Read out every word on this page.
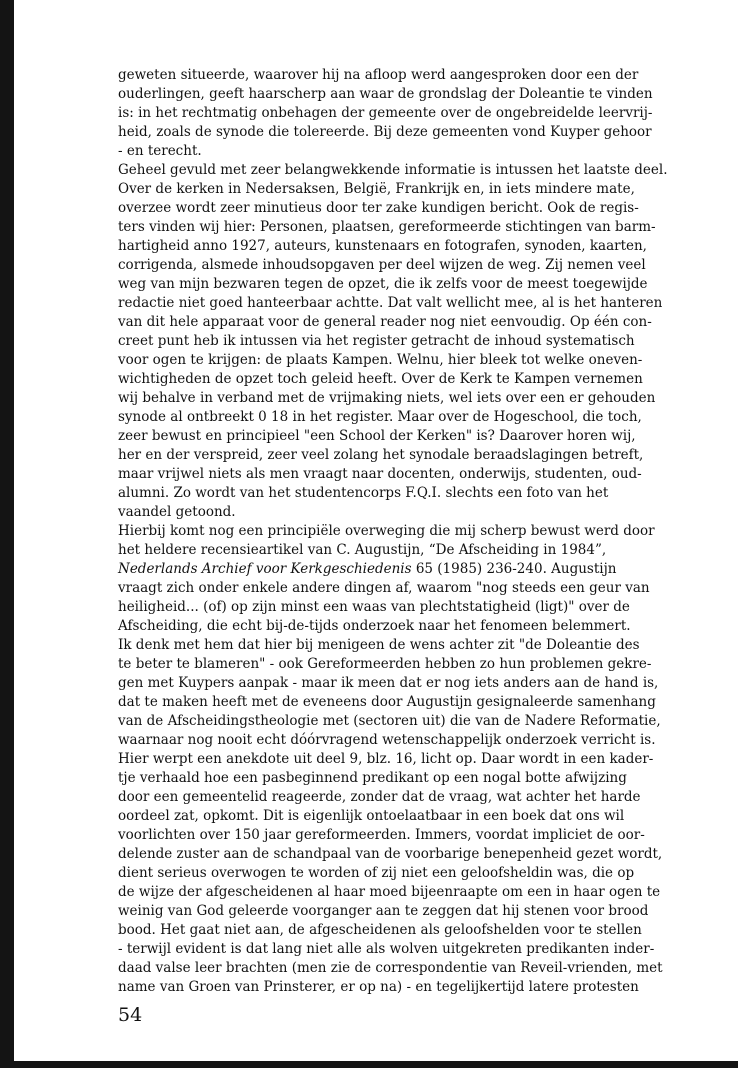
geweten situeerde, waarover hij na afloop werd aangesproken door een der
ouderlingen, geeft haarscherp aan waar de grondslag der Doleantie te vinden
is: in het rechtmatig onbehagen der gemeente over de ongebreidelde leervrij-
heid, zoals de synode die tolereerde. Bij deze gemeenten vond Kuyper gehoor
- en terecht.
Geheel gevuld met zeer belangwekkende informatie is intussen het laatste deel.
Over de kerken in Nedersaksen, België, Frankrijk en, in iets mindere mate,
overzee wordt zeer minutieus door ter zake kundigen bericht. Ook de regis-
ters vinden wij hier: Personen, plaatsen, gereformeerde stichtingen van barm-
hartigheid anno 1927, auteurs, kunstenaars en fotografen, synoden, kaarten,
corrigenda, alsmede inhoudsopgaven per deel wijzen de weg. Zij nemen veel
weg van mijn bezwaren tegen de opzet, die ik zelfs voor de meest toegewijde
redactie niet goed hanteerbaar achtte. Dat valt wellicht mee, al is het hanteren
van dit hele apparaat voor de general reader nog niet eenvoudig. Op één con-
creet punt heb ik intussen via het register getracht de inhoud systematisch
voor ogen te krijgen: de plaats Kampen. Welnu, hier bleek tot welke oneven-
wichtigheden de opzet toch geleid heeft. Over de Kerk te Kampen vernemen
wij behalve in verband met de vrijmaking niets, wel iets over een er gehouden
synode al ontbreekt 0 18 in het register. Maar over de Hogeschool, die toch,
zeer bewust en principieel "een School der Kerken" is? Daarover horen wij,
her en der verspreid, zeer veel zolang het synodale beraadslagingen betreft,
maar vrijwel niets als men vraagt naar docenten, onderwijs, studenten, oud-
alumni. Zo wordt van het studentencorps F.Q.I. slechts een foto van het
vaandel getoond.
Hierbij komt nog een principiële overweging die mij scherp bewust werd door
het heldere recensieartikel van C. Augustijn, “De Afscheiding in 1984”,
Nederlands Archief voor Kerkgeschiedenis 65 (1985) 236-240. Augustijn
vraagt zich onder enkele andere dingen af, waarom "nog steeds een geur van
heiligheid... (of) op zijn minst een waas van plechtstatigheid (ligt)" over de
Afscheiding, die echt bij-de-tijds onderzoek naar het fenomeen belemmert.
Ik denk met hem dat hier bij menigeen de wens achter zit "de Doleantie des
te beter te blameren" - ook Gereformeerden hebben zo hun problemen gekre-
gen met Kuypers aanpak - maar ik meen dat er nog iets anders aan de hand is,
dat te maken heeft met de eveneens door Augustijn gesignaleerde samenhang
van de Afscheidingstheologie met (sectoren uit) die van de Nadere Reformatie,
waarnaar nog nooit echt dóórvragend wetenschappelijk onderzoek verricht is.
Hier werpt een anekdote uit deel 9, blz. 16, licht op. Daar wordt in een kader-
tje verhaald hoe een pasbeginnend predikant op een nogal botte afwijzing
door een gemeentelid reageerde, zonder dat de vraag, wat achter het harde
oordeel zat, opkomt. Dit is eigenlijk ontoelaatbaar in een boek dat ons wil
voorlichten over 150 jaar gereformeerden. Immers, voordat impliciet de oor-
delende zuster aan de schandpaal van de voorbarige benepenheid gezet wordt,
dient serieus overwogen te worden of zij niet een geloofsheldin was, die op
de wijze der afgescheidenen al haar moed bijeenraapte om een in haar ogen te
weinig van God geleerde voorganger aan te zeggen dat hij stenen voor brood
bood. Het gaat niet aan, de afgescheidenen als geloofshelden voor te stellen
- terwijl evident is dat lang niet alle als wolven uitgekreten predikanten inder-
daad valse leer brachten (men zie de correspondentie van Reveil-vrienden, met
name van Groen van Prinsterer, er op na) - en tegelijkertijd latere protesten
54
